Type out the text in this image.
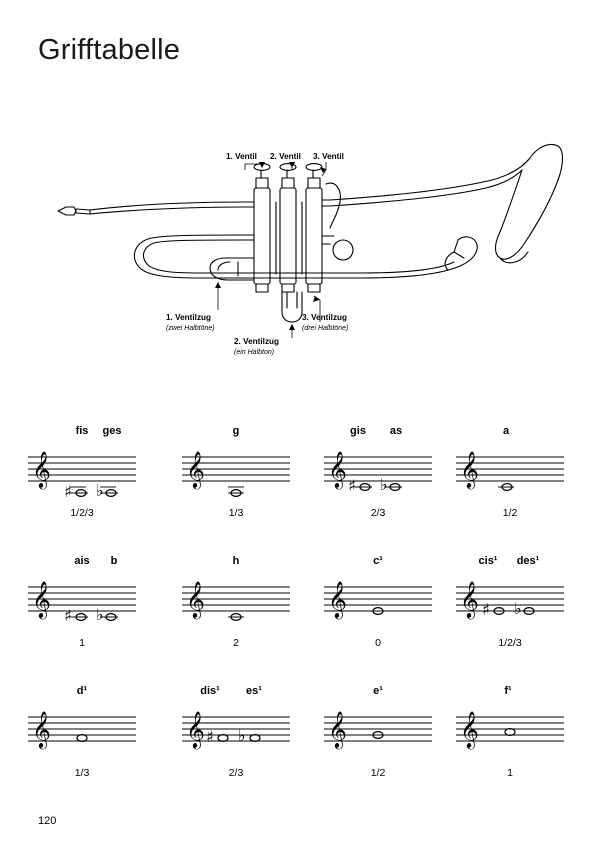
Grifftabelle
1. Ventil 2. Ventil 3. Ventil
1. Ventilzug
(zwei Halbtöne)
2. Ventilzug
(ein Halbton)
3. Ventilzug
(drei Halbtöne)
fis	ges
𝄞
♯ ♭
1/2/3
g
𝄞
1/3
gis	as
𝄞 ♯ ♭
2/3
a
𝄞
1/2
ais	b
𝄞 ♯ ♭
1
h
𝄞
2
c¹
𝄞
0
cis¹	des¹
𝄞 ♯ ♭
1/2/3
d¹
𝄞
1/3
dis¹	es¹
𝄞 ♯ ♭
2/3
e¹
𝄞
1/2
f¹
𝄞
1
120
